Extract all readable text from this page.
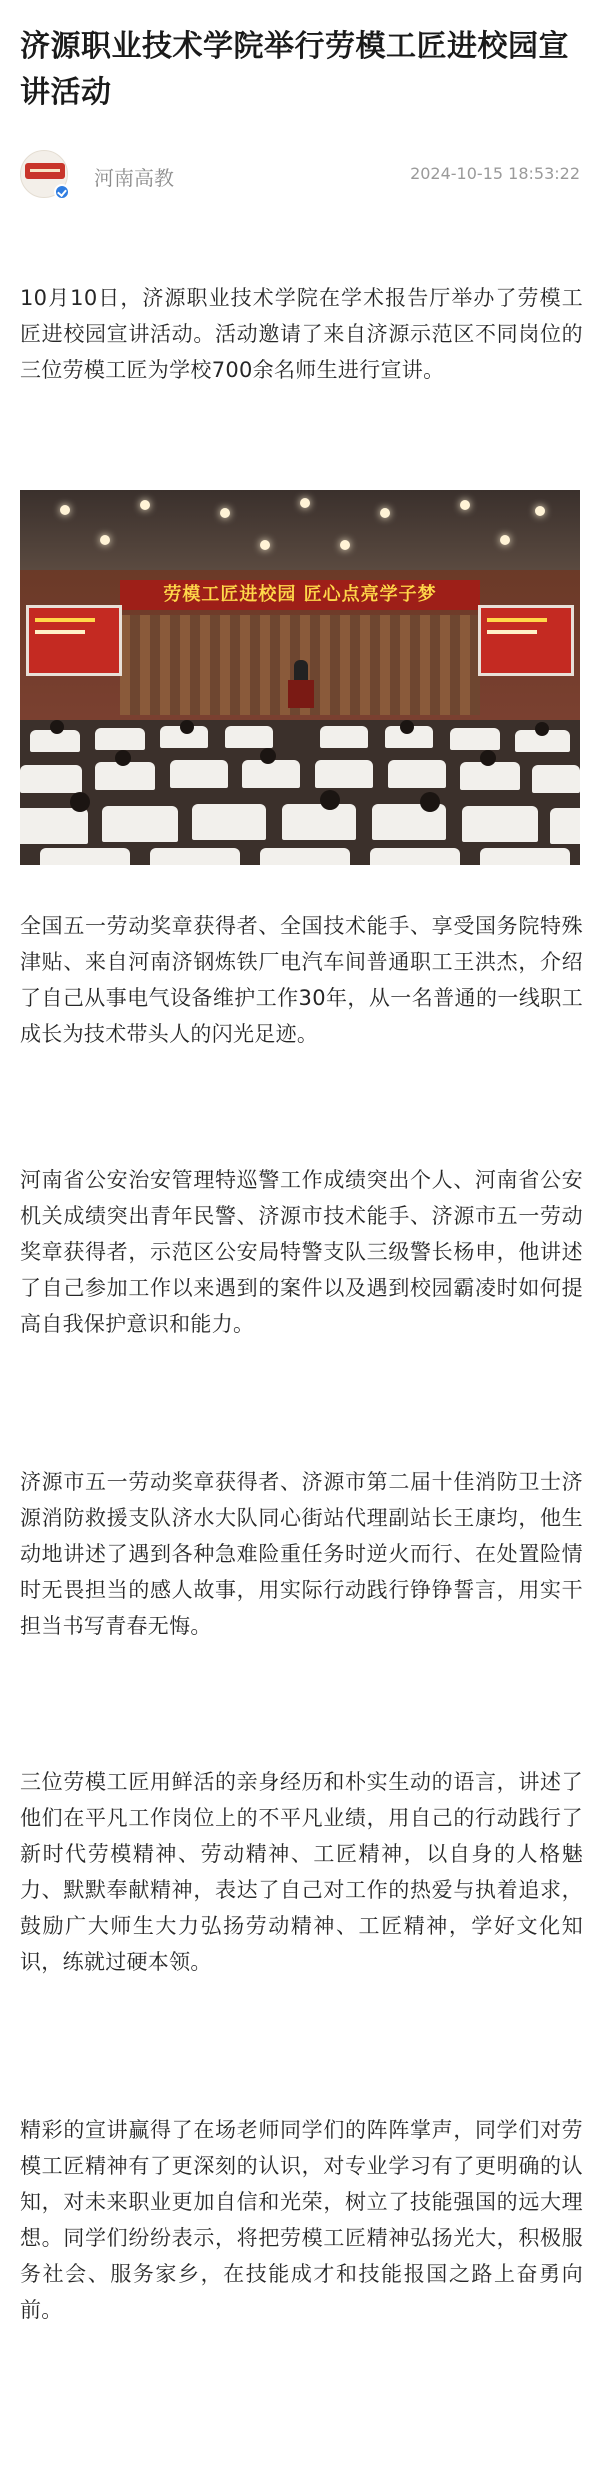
济源职业技术学院举行劳模工匠进校园宣讲活动
河南高教	2024-10-15 18:53:22
10月10日，济源职业技术学院在学术报告厅举办了劳模工匠进校园宣讲活动。活动邀请了来自济源示范区不同岗位的三位劳模工匠为学校700余名师生进行宣讲。
劳模工匠进校园 匠心点亮学子梦
全国五一劳动奖章获得者、全国技术能手、享受国务院特殊津贴、来自河南济钢炼铁厂电汽车间普通职工王洪杰，介绍了自己从事电气设备维护工作30年，从一名普通的一线职工成长为技术带头人的闪光足迹。
河南省公安治安管理特巡警工作成绩突出个人、河南省公安机关成绩突出青年民警、济源市技术能手、济源市五一劳动奖章获得者，示范区公安局特警支队三级警长杨申，他讲述了自己参加工作以来遇到的案件以及遇到校园霸凌时如何提高自我保护意识和能力。
济源市五一劳动奖章获得者、济源市第二届十佳消防卫士济源消防救援支队济水大队同心街站代理副站长王康均，他生动地讲述了遇到各种急难险重任务时逆火而行、在处置险情时无畏担当的感人故事，用实际行动践行铮铮誓言，用实干担当书写青春无悔。
三位劳模工匠用鲜活的亲身经历和朴实生动的语言，讲述了他们在平凡工作岗位上的不平凡业绩，用自己的行动践行了新时代劳模精神、劳动精神、工匠精神，以自身的人格魅力、默默奉献精神，表达了自己对工作的热爱与执着追求，鼓励广大师生大力弘扬劳动精神、工匠精神，学好文化知识，练就过硬本领。
精彩的宣讲赢得了在场老师同学们的阵阵掌声，同学们对劳模工匠精神有了更深刻的认识，对专业学习有了更明确的认知，对未来职业更加自信和光荣，树立了技能强国的远大理想。同学们纷纷表示，将把劳模工匠精神弘扬光大，积极服务社会、服务家乡，在技能成才和技能报国之路上奋勇向前。
